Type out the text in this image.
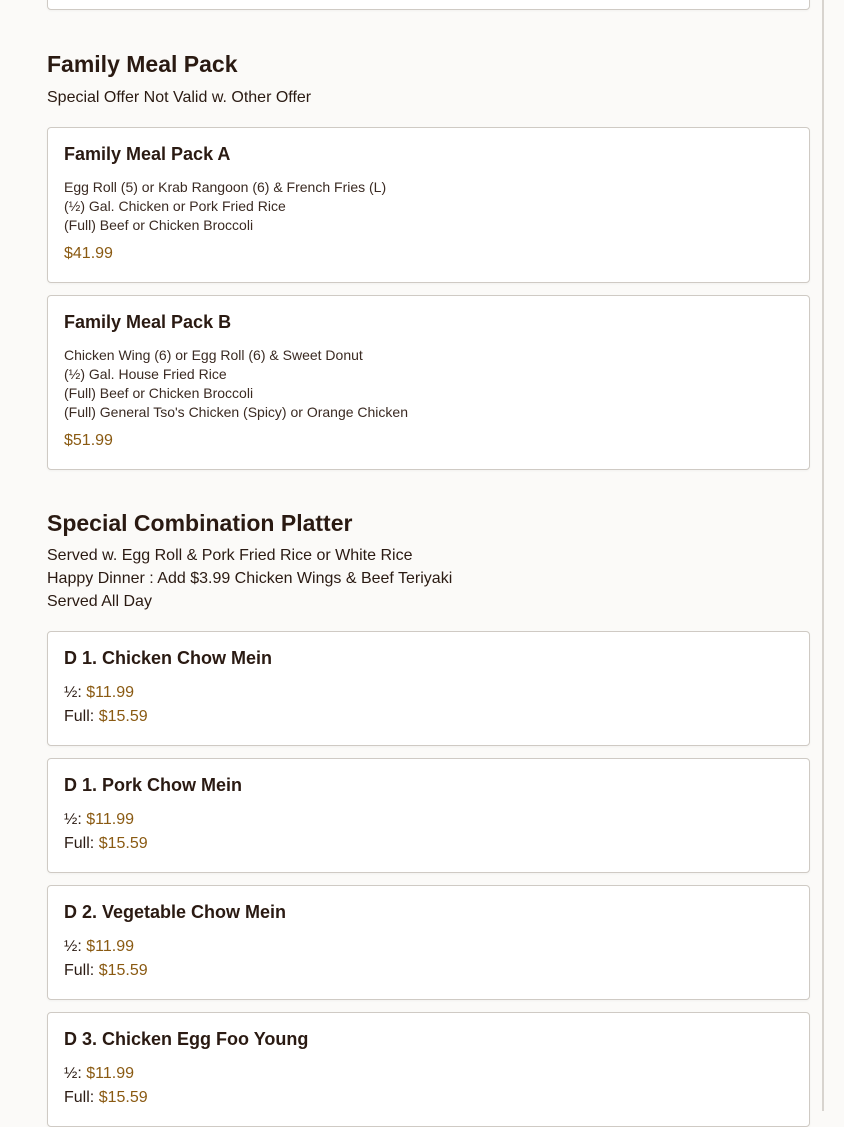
Family Meal Pack
Special Offer Not Valid w. Other Offer
Family Meal Pack A
Egg Roll (5) or Krab Rangoon (6) & French Fries (L)
(½) Gal. Chicken or Pork Fried Rice
(Full) Beef or Chicken Broccoli
$41.99
Family Meal Pack B
Chicken Wing (6) or Egg Roll (6) & Sweet Donut
(½) Gal. House Fried Rice
(Full) Beef or Chicken Broccoli
(Full) General Tso's Chicken (Spicy) or Orange Chicken
$51.99
Special Combination Platter
Served w. Egg Roll & Pork Fried Rice or White Rice
Happy Dinner : Add $3.99 Chicken Wings & Beef Teriyaki
Served All Day
D 1. Chicken Chow Mein
½: $11.99
Full: $15.59
D 1. Pork Chow Mein
½: $11.99
Full: $15.59
D 2. Vegetable Chow Mein
½: $11.99
Full: $15.59
D 3. Chicken Egg Foo Young
½: $11.99
Full: $15.59
